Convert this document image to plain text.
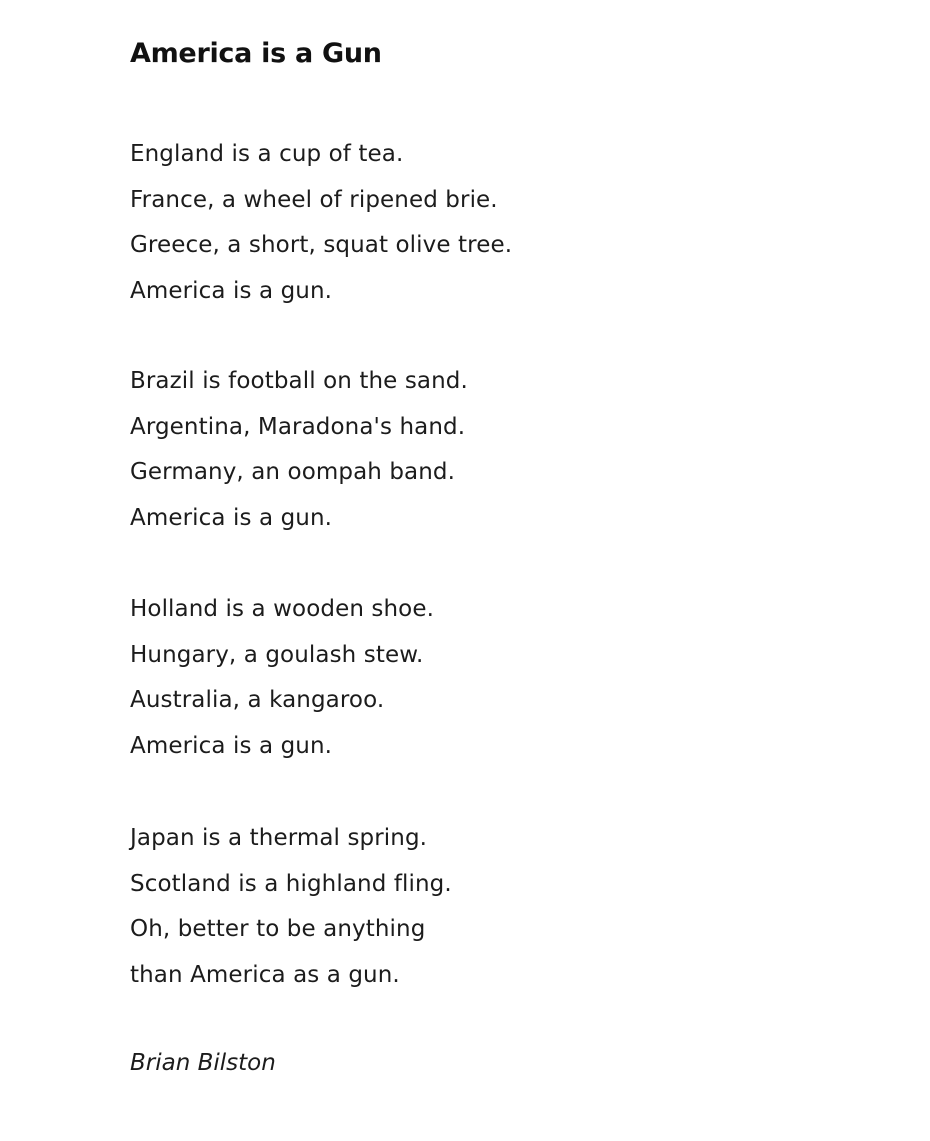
America is a Gun
England is a cup of tea.
France, a wheel of ripened brie.
Greece, a short, squat olive tree.
America is a gun.
Brazil is football on the sand.
Argentina, Maradona's hand.
Germany, an oompah band.
America is a gun.
Holland is a wooden shoe.
Hungary, a goulash stew.
Australia, a kangaroo.
America is a gun.
Japan is a thermal spring.
Scotland is a highland fling.
Oh, better to be anything
than America as a gun.

Brian Bilston
